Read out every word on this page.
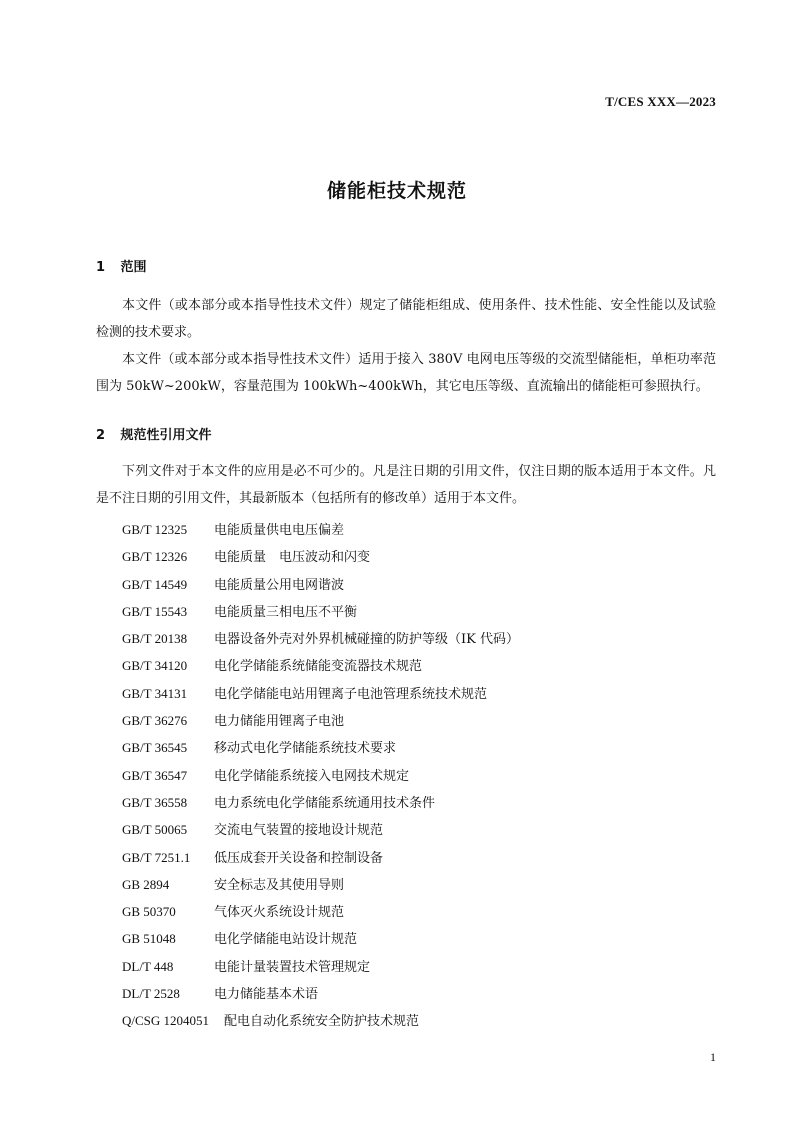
T/CES XXX—2023
储能柜技术规范
1 范围
本文件（或本部分或本指导性技术文件）规定了储能柜组成、使用条件、技术性能、安全性能以及试验检测的技术要求。
本文件（或本部分或本指导性技术文件）适用于接入 380V 电网电压等级的交流型储能柜，单柜功率范围为 50kW~200kW，容量范围为 100kWh~400kWh，其它电压等级、直流输出的储能柜可参照执行。
2 规范性引用文件
下列文件对于本文件的应用是必不可少的。凡是注日期的引用文件，仅注日期的版本适用于本文件。凡是不注日期的引用文件，其最新版本（包括所有的修改单）适用于本文件。
GB/T 12325 电能质量供电电压偏差
GB/T 12326 电能质量　电压波动和闪变
GB/T 14549 电能质量公用电网谐波
GB/T 15543 电能质量三相电压不平衡
GB/T 20138 电器设备外壳对外界机械碰撞的防护等级（IK 代码）
GB/T 34120 电化学储能系统储能变流器技术规范
GB/T 34131 电化学储能电站用锂离子电池管理系统技术规范
GB/T 36276 电力储能用锂离子电池
GB/T 36545 移动式电化学储能系统技术要求
GB/T 36547 电化学储能系统接入电网技术规定
GB/T 36558 电力系统电化学储能系统通用技术条件
GB/T 50065 交流电气装置的接地设计规范
GB/T 7251.1 低压成套开关设备和控制设备
GB 2894	安全标志及其使用导则
GB 50370	气体灭火系统设计规范
GB 51048	电化学储能电站设计规范
DL/T 448	电能计量装置技术管理规定
DL/T 2528	电力储能基本术语
Q/CSG 1204051 配电自动化系统安全防护技术规范
1
